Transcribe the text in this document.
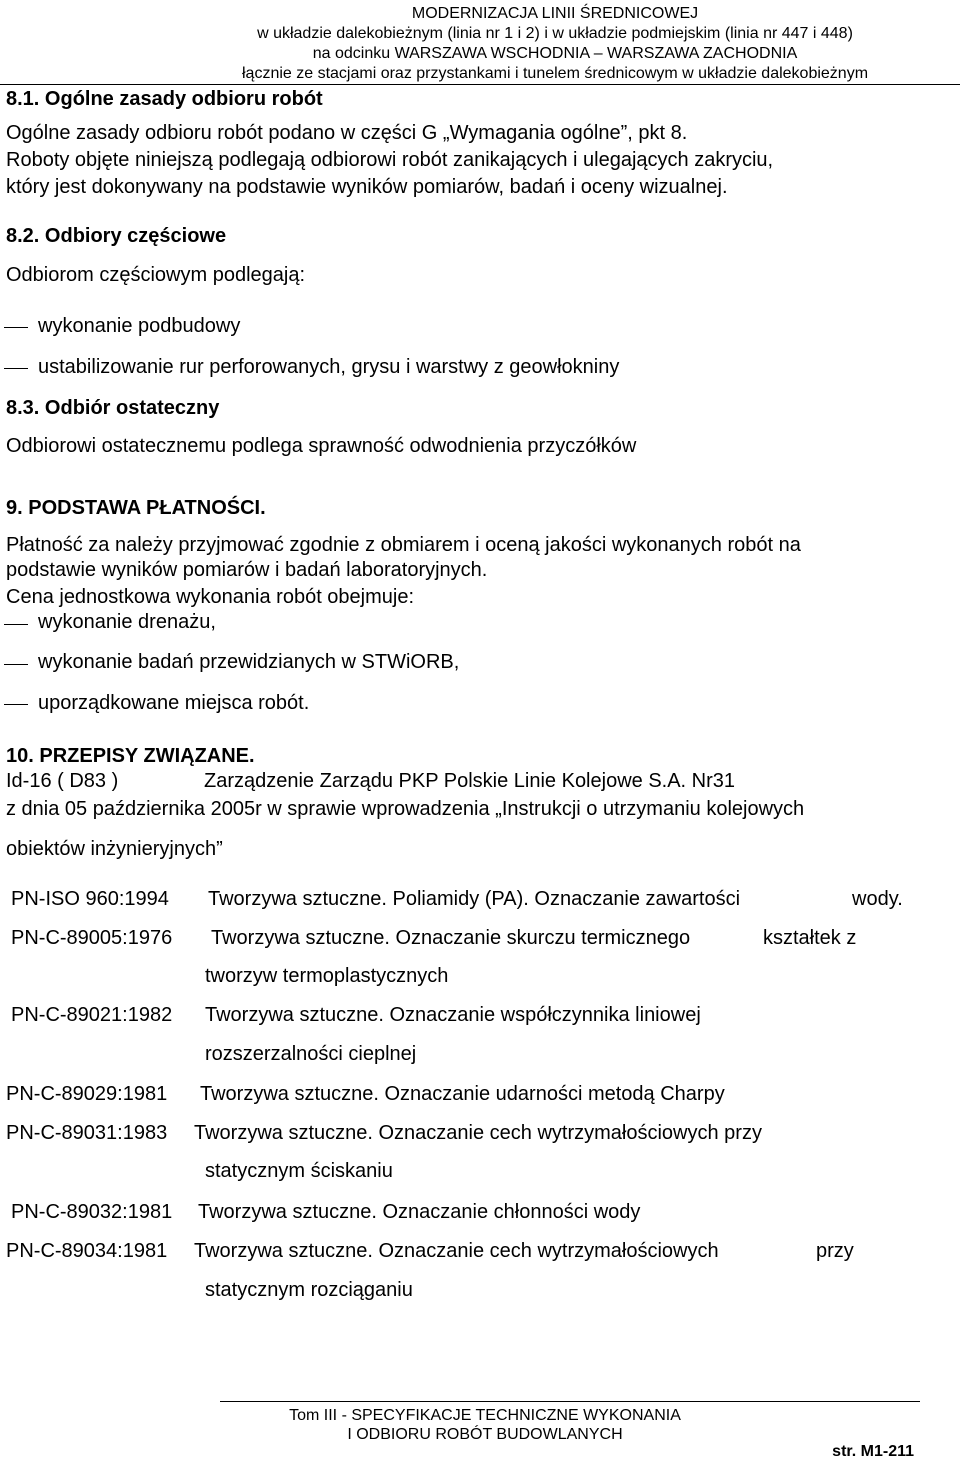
MODERNIZACJA LINII ŚREDNICOWEJ
w układzie dalekobieżnym (linia nr 1 i 2) i w układzie podmiejskim (linia nr 447 i 448)
na odcinku WARSZAWA WSCHODNIA – WARSZAWA ZACHODNIA
łącznie ze stacjami oraz przystankami i tunelem średnicowym w układzie dalekobieżnym
8.1. Ogólne zasady odbioru robót
Ogólne zasady odbioru robót podano w części G „Wymagania ogólne”, pkt 8.
Roboty objęte niniejszą podlegają odbiorowi robót zanikających i ulegających zakryciu,
który jest dokonywany na podstawie wyników pomiarów, badań i oceny wizualnej.
8.2. Odbiory częściowe
Odbiorom częściowym podlegają:
wykonanie podbudowy
ustabilizowanie rur perforowanych, grysu i warstwy z geowłokniny
8.3. Odbiór ostateczny
Odbiorowi ostatecznemu podlega sprawność odwodnienia przyczółków
9. PODSTAWA PŁATNOŚCI.
Płatność za należy przyjmować zgodnie z obmiarem i oceną jakości wykonanych robót na
podstawie wyników pomiarów i badań laboratoryjnych.
Cena jednostkowa wykonania robót obejmuje:
wykonanie drenażu,
wykonanie badań przewidzianych w STWiORB,
uporządkowane miejsca robót.
10. PRZEPISY ZWIĄZANE.
Id-16 ( D83 )	Zarządzenie Zarządu PKP Polskie Linie Kolejowe S.A. Nr31
z dnia 05 października 2005r w sprawie wprowadzenia „Instrukcji o utrzymaniu kolejowych
obiektów inżynieryjnych”
PN-ISO 960:1994 Tworzywa sztuczne. Poliamidy (PA). Oznaczanie zawartości	wody.
PN-C-89005:1976 Tworzywa sztuczne. Oznaczanie skurczu termicznego	kształtek z
tworzyw termoplastycznych
PN-C-89021:1982 Tworzywa sztuczne. Oznaczanie współczynnika liniowej
rozszerzalności cieplnej
PN-C-89029:1981 Tworzywa sztuczne. Oznaczanie udarności metodą Charpy
PN-C-89031:1983 Tworzywa sztuczne. Oznaczanie cech wytrzymałościowych przy
statycznym ściskaniu
PN-C-89032:1981 Tworzywa sztuczne. Oznaczanie chłonności wody
PN-C-89034:1981 Tworzywa sztuczne. Oznaczanie cech wytrzymałościowych	przy
statycznym rozciąganiu
Tom III - SPECYFIKACJE TECHNICZNE WYKONANIA
I ODBIORU ROBÓT BUDOWLANYCH
str. M1-211
